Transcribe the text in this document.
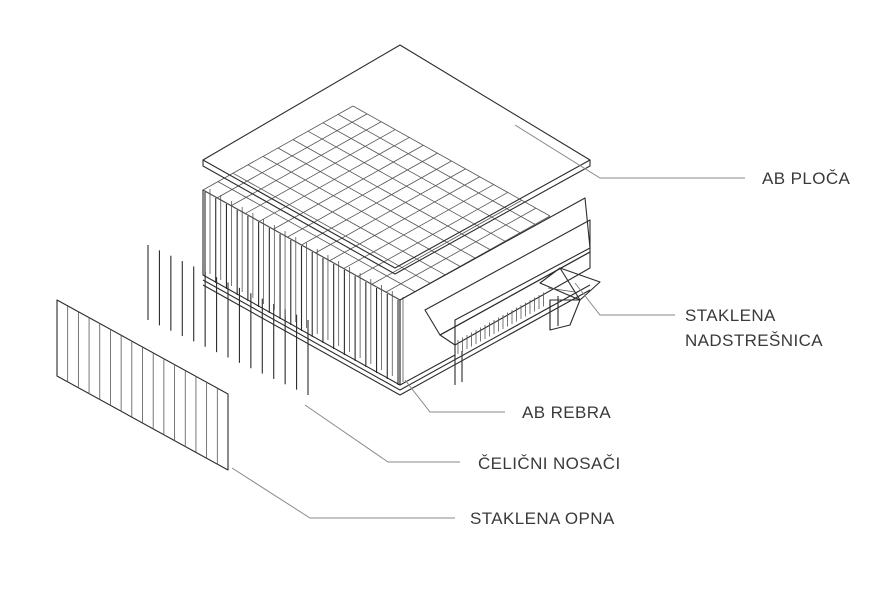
AB PLOČA
STAKLENA
NADSTREŠNICA
AB REBRA
ČELIČNI NOSAČI
STAKLENA OPNA
